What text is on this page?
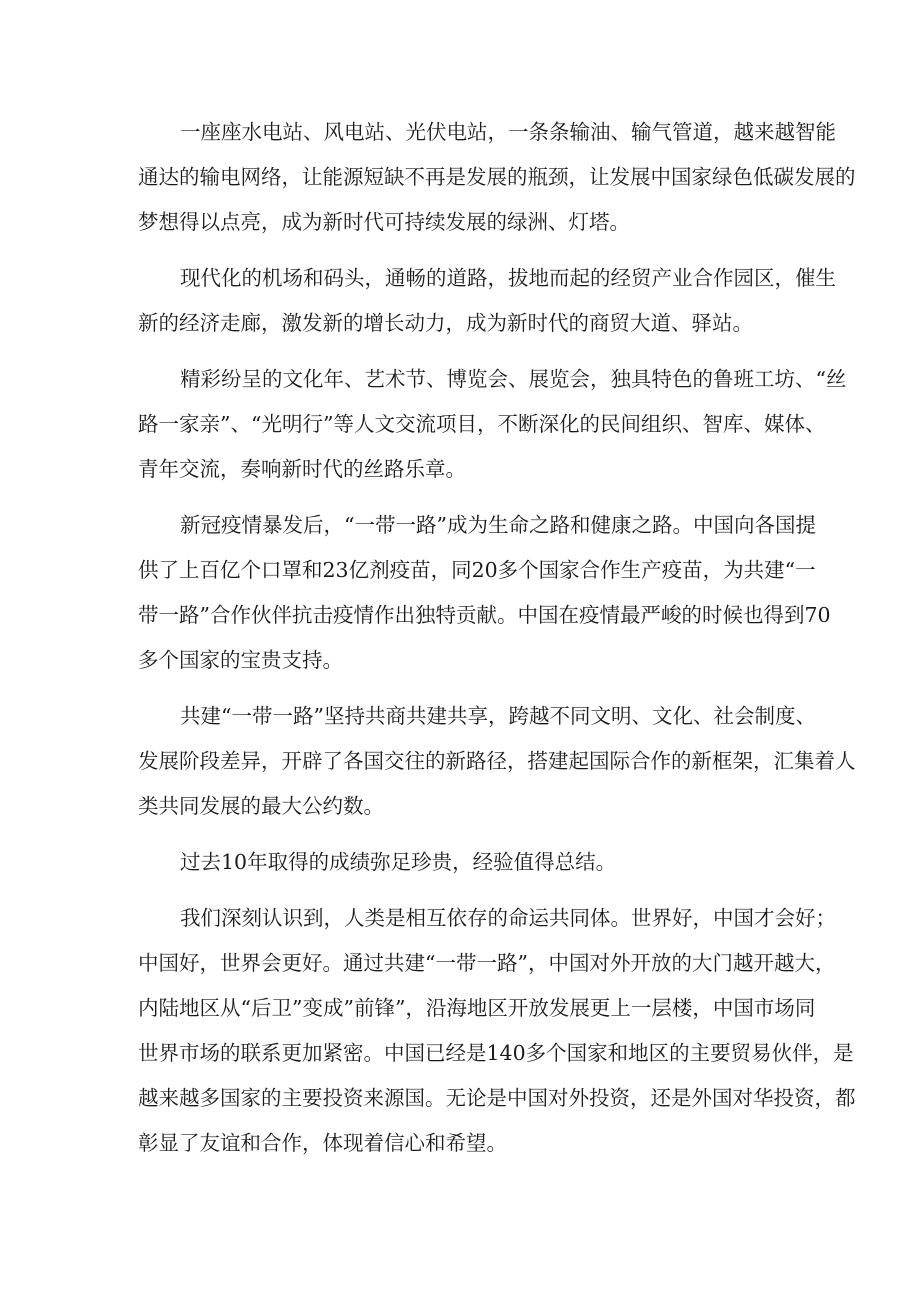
一座座水电站、风电站、光伏电站，一条条输油、输气管道，越来越智能
通达的输电网络，让能源短缺不再是发展的瓶颈，让发展中国家绿色低碳发展的
梦想得以点亮，成为新时代可持续发展的绿洲、灯塔。
现代化的机场和码头，通畅的道路，拔地而起的经贸产业合作园区，催生
新的经济走廊，激发新的增长动力，成为新时代的商贸大道、驿站。
精彩纷呈的文化年、艺术节、博览会、展览会，独具特色的鲁班工坊、“丝
路一家亲”、“光明行”等人文交流项目，不断深化的民间组织、智库、媒体、
青年交流，奏响新时代的丝路乐章。
新冠疫情暴发后，“一带一路”成为生命之路和健康之路。中国向各国提
供了上百亿个口罩和23亿剂疫苗，同20多个国家合作生产疫苗，为共建“一
带一路”合作伙伴抗击疫情作出独特贡献。中国在疫情最严峻的时候也得到70
多个国家的宝贵支持。
共建“一带一路”坚持共商共建共享，跨越不同文明、文化、社会制度、
发展阶段差异，开辟了各国交往的新路径，搭建起国际合作的新框架，汇集着人
类共同发展的最大公约数。
过去10年取得的成绩弥足珍贵，经验值得总结。
我们深刻认识到，人类是相互依存的命运共同体。世界好，中国才会好；
中国好，世界会更好。通过共建“一带一路”，中国对外开放的大门越开越大，
内陆地区从“后卫”变成”前锋”，沿海地区开放发展更上一层楼，中国市场同
世界市场的联系更加紧密。中国已经是140多个国家和地区的主要贸易伙伴，是
越来越多国家的主要投资来源国。无论是中国对外投资，还是外国对华投资，都
彰显了友谊和合作，体现着信心和希望。
